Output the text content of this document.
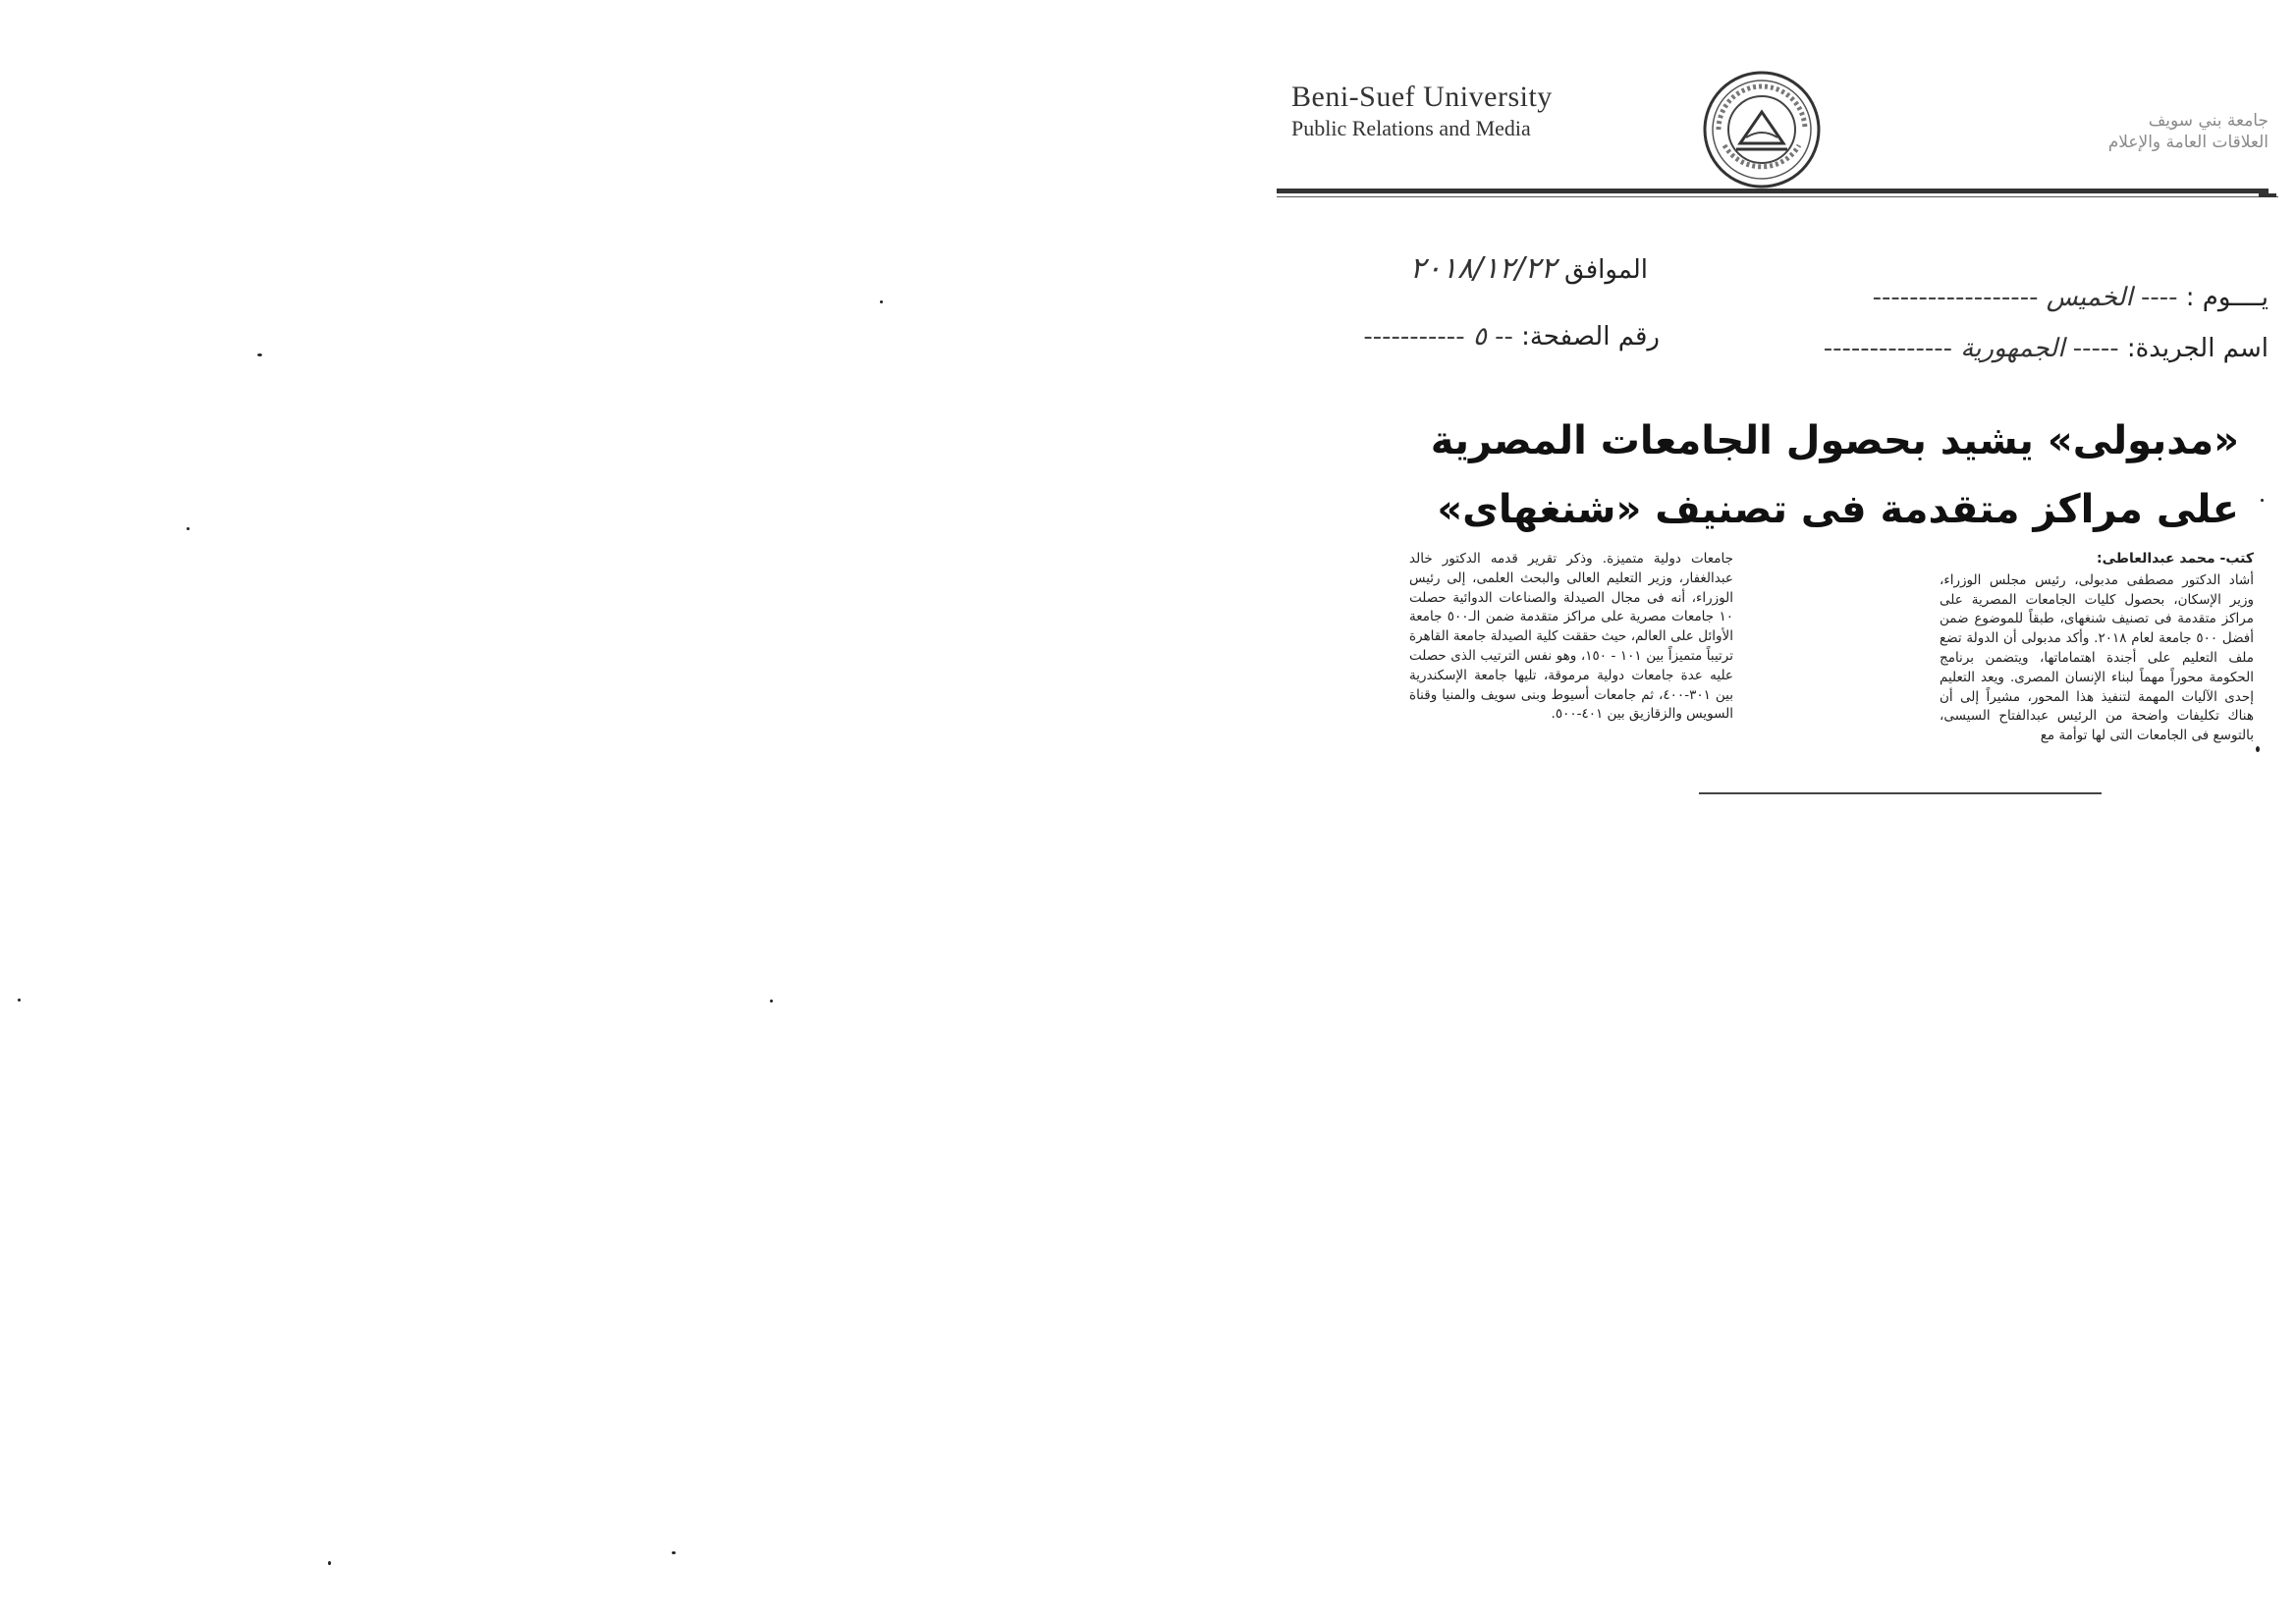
Beni-Suef University
Public Relations and Media	جامعة بني سويف
العلاقات العامة والإعلام
يــــوم : ---- الخميس ------------------
الموافق ٢٠١٨/١٢/٢٢
اسم الجريدة: ----- الجمهورية --------------
رقم الصفحة: -- ٥ -----------
«مدبولى» يشيد بحصول الجامعات المصرية
على مراكز متقدمة فى تصنيف «شنغهاى»
كتب- محمد عبدالعاطى:
أشاد الدكتور مصطفى مدبولى، رئيس مجلس الوزراء، وزير الإسكان، بحصول كليات الجامعات المصرية على مراكز متقدمة فى تصنيف شنغهاى، طبقاً للموضوع ضمن أفضل ٥٠٠ جامعة لعام ٢٠١٨. وأكد مدبولى أن الدولة تضع ملف التعليم على أجندة اهتماماتها، ويتضمن برنامج الحكومة محوراً مهماً لبناء الإنسان المصرى. ويعد التعليم إحدى الآليات المهمة لتنفيذ هذا المحور، مشيراً إلى أن هناك تكليفات واضحة من الرئيس عبدالفتاح السيسى، بالتوسع فى الجامعات التى لها توأمة مع
جامعات دولية متميزة. وذكر تقرير قدمه الدكتور خالد عبدالغفار، وزير التعليم العالى والبحث العلمى، إلى رئيس الوزراء، أنه فى مجال الصيدلة والصناعات الدوائية حصلت ١٠ جامعات مصرية على مراكز متقدمة ضمن الـ٥٠٠ جامعة الأوائل على العالم، حيث حققت كلية الصيدلة جامعة القاهرة ترتيباً متميزاً بين ١٠١ - ١٥٠، وهو نفس الترتيب الذى حصلت عليه عدة جامعات دولية مرموقة، تليها جامعة الإسكندرية بين ٣٠١-٤٠٠، ثم جامعات أسيوط وبنى سويف والمنيا وقناة السويس والزقازيق بين ٤٠١-٥٠٠.
